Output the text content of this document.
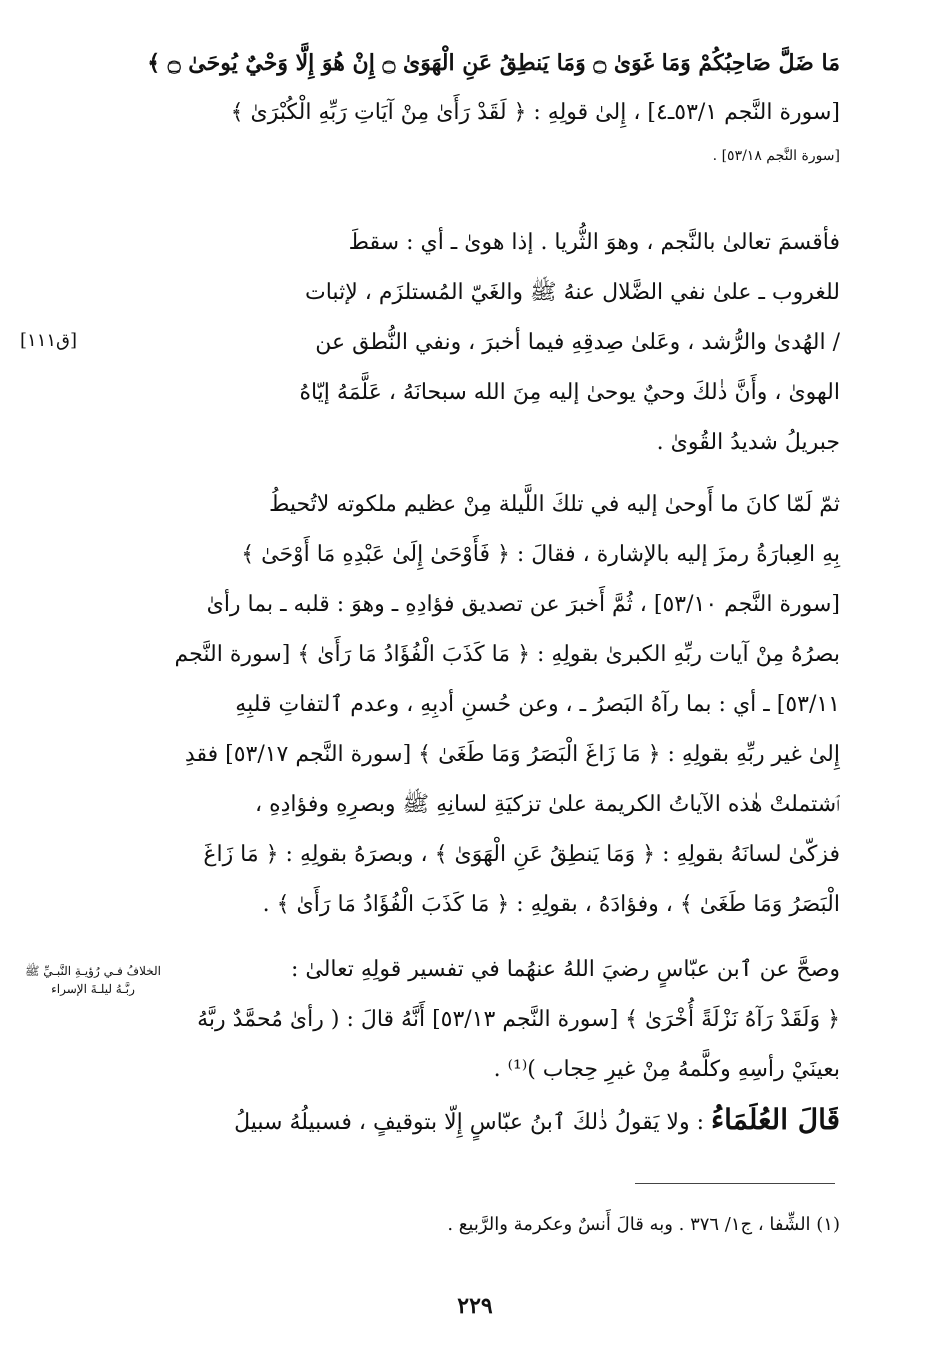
مَا ضَلَّ صَاحِبُكُمْ وَمَا غَوَىٰ ۝ وَمَا يَنطِقُ عَنِ الْهَوَىٰ ۝ إِنْ هُوَ إِلَّا وَحْيٌ يُوحَىٰ ۝ ﴾
[سورة النَّجم ٥٣/١ـ٤] ، إِلىٰ قولِهِ : ﴿ لَقَدْ رَأَىٰ مِنْ آيَاتِ رَبِّهِ الْكُبْرَىٰ ﴾
[سورة النَّجم ٥٣/١٨] .
فأقسمَ تعالىٰ بالنَّجم ، وهوَ الثُّريا . إذا هوىٰ ـ أي : سقطَ
للغروب ـ علىٰ نفي الضَّلال عنهُ ﷺ والغَيّ المُستلزَم ، لإثبات
/ الهُدىٰ والرُّشد ، وعَلىٰ صِدقِهِ فيما أخبرَ ، ونفي النُّطق عن
الهوىٰ ، وأَنَّ ذٰلكَ وحيٌ يوحىٰ إليه مِنَ الله سبحانَهُ ، عَلَّمَهُ إيّاهُ
جبريلُ شديدُ القُوىٰ .
[ق١١١]
ثمّ لَمّا كانَ ما أَوحىٰ إليه في تلكَ اللَّيلة مِنْ عظيم ملكوته لاتُحيطُ
بِهِ العِبارَةُ رمزَ إليه بالإشارة ، فقالَ : ﴿ فَأَوْحَىٰ إِلَىٰ عَبْدِهِ مَا أَوْحَىٰ ﴾
[سورة النَّجم ٥٣/١٠] ، ثُمَّ أَخبرَ عن تصديق فؤادِهِ ـ وهوَ : قلبه ـ بما رأىٰ
بصرُهُ مِنْ آيات ربِّهِ الكبرىٰ بقولِهِ : ﴿ مَا كَذَبَ الْفُؤَادُ مَا رَأَىٰ ﴾ [سورة النَّجم
٥٣/١١] ـ أي : بما رآهُ البَصرُ ـ ، وعن حُسنِ أدبِهِ ، وعدم ٱلتفاتِ قلبِهِ
إِلىٰ غير ربِّهِ بقولِهِ : ﴿ مَا زَاغَ الْبَصَرُ وَمَا طَغَىٰ ﴾ [سورة النَّجم ٥٣/١٧] فقدِ
ٱشتملتْ هٰذه الآياتُ الكريمة علىٰ تزكيَةِ لسانِهِ ﷺ وبصرِهِ وفؤادِهِ ،
فزكّىٰ لسانَهُ بقولِهِ : ﴿ وَمَا يَنطِقُ عَنِ الْهَوَىٰ ﴾ ، وبصرَهُ بقولِهِ : ﴿ مَا زَاغَ
الْبَصَرُ وَمَا طَغَىٰ ﴾ ، وفؤادَهُ ، بقولِهِ : ﴿ مَا كَذَبَ الْفُؤَادُ مَا رَأَىٰ ﴾ .
الخلافُ فـي رُؤيـةِ النَّبـيِّ ﷺ ربَّـهُ ليلـةَ الإسراء
وصحَّ عن ٱبن عبّاسٍ رضيَ اللهُ عنهُما في تفسير قولِهِ تعالىٰ :
﴿ وَلَقَدْ رَآهُ نَزْلَةً أُخْرَىٰ ﴾ [سورة النَّجم ٥٣/١٣] أَنَّهُ قالَ : ( رأىٰ مُحمَّدٌ ربَّهُ
بعينَيْ رأسِهِ وكلَّمهُ مِنْ غيرِ حِجاب )⁽¹⁾ .
قَالَ العُلَمَاءُ : ولا يَقولُ ذٰلكَ ٱبنُ عبّاسٍ إِلّا بتوقيفٍ ، فسبيلُهُ سبيلُ
(١) الشِّفا ، ج١/ ٣٧٦ . وبه قالَ أَنسٌ وعكرمة والرَّبيع .
٢٢٩
